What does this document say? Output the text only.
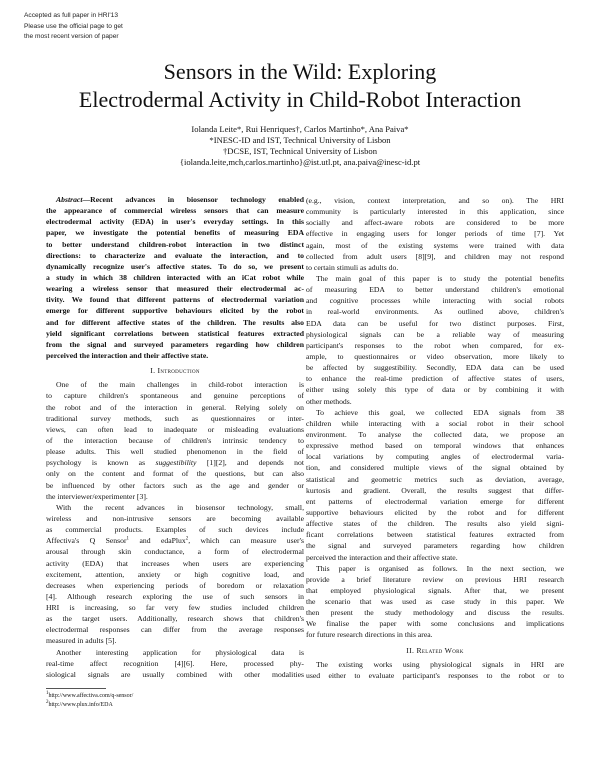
Accepted as full paper in HRI'13
Please use the official page to get
the most recent version of paper
Sensors in the Wild: Exploring
Electrodermal Activity in Child-Robot Interaction
Iolanda Leite*, Rui Henriques†, Carlos Martinho*, Ana Paiva*
*INESC-ID and IST, Technical University of Lisbon
†DCSE, IST, Technical University of Lisbon
{iolanda.leite,mch,carlos.martinho}@ist.utl.pt, ana.paiva@inesc-id.pt
Abstract—Recent advances in biosensor technology enabled
the appearance of commercial wireless sensors that can measure
electrodermal activity (EDA) in user's everyday settings. In this
paper, we investigate the potential benefits of measuring EDA
to better understand children-robot interaction in two distinct
directions: to characterize and evaluate the interaction, and to
dynamically recognize user's affective states. To do so, we present
a study in which 38 children interacted with an iCat robot while
wearing a wireless sensor that measured their electrodermal ac-
tivity. We found that different patterns of electrodermal variation
emerge for different supportive behaviours elicited by the robot
and for different affective states of the children. The results also
yield significant correlations between statistical features extracted
from the signal and surveyed parameters regarding how children
perceived the interaction and their affective state.
I. Introduction
One of the main challenges in child-robot interaction is
to capture children's spontaneous and genuine perceptions of
the robot and of the interaction in general. Relying solely on
traditional survey methods, such as questionnaires or inter-
views, can often lead to inadequate or misleading evaluations
of the interaction because of children's intrinsic tendency to
please adults. This well studied phenomenon in the field of
psychology is known as suggestibility [1][2], and depends not
only on the content and format of the questions, but can also
be influenced by other factors such as the age and gender or
the interviewer/experimenter [3].
With the recent advances in biosensor technology, small,
wireless and non-intrusive sensors are becoming available
as commercial products. Examples of such devices include
Affectiva's Q Sensor$^1$ and edaPlux$^2$, which can measure user's
arousal through skin conductance, a form of electrodermal
activity (EDA) that increases when users are experiencing
excitement, attention, anxiety or high cognitive load, and
decreases when experiencing periods of boredom or relaxation
[4]. Although research exploring the use of such sensors in
HRI is increasing, so far very few studies included children
as the target users. Additionally, research shows that children's
electrodermal responses can differ from the average responses
measured in adults [5].
Another interesting application for physiological data is
real-time affect recognition [4][6]. Here, processed phy-
siological signals are usually combined with other modalities
$^1$http://www.affectiva.com/q-sensor/
$^2$http://www.plux.info/EDA
(e.g., vision, context interpretation, and so on). The HRI
community is particularly interested in this application, since
socially and affect-aware robots are considered to be more
effective in engaging users for longer periods of time [7]. Yet
again, most of the existing systems were trained with data
collected from adult users [8][9], and children may not respond
to certain stimuli as adults do.
The main goal of this paper is to study the potential benefits
of measuring EDA to better understand children's emotional
and cognitive processes while interacting with social robots
in real-world environments. As outlined above, children's
EDA data can be useful for two distinct purposes. First,
physiological signals can be a reliable way of measuring
participant's responses to the robot when compared, for ex-
ample, to questionnaires or video observation, more likely to
be affected by suggestibility. Secondly, EDA data can be used
to enhance the real-time prediction of affective states of users,
either using solely this type of data or by combining it with
other methods.
To achieve this goal, we collected EDA signals from 38
children while interacting with a social robot in their school
environment. To analyse the collected data, we propose an
expressive method based on temporal windows that enhances
local variations by computing angles of electrodermal varia-
tion, and considered multiple views of the signal obtained by
statistical and geometric metrics such as deviation, average,
kurtosis and gradient. Overall, the results suggest that differ-
ent patterns of electrodermal variation emerge for different
supportive behaviours elicited by the robot and for different
affective states of the children. The results also yield signi-
ficant correlations between statistical features extracted from
the signal and surveyed parameters regarding how children
perceived the interaction and their affective state.
This paper is organised as follows. In the next section, we
provide a brief literature review on previous HRI research
that employed physiological signals. After that, we present
the scenario that was used as case study in this paper. We
then present the study methodology and discuss the results.
We finalise the paper with some conclusions and implications
for future research directions in this area.
II. Related Work
The existing works using physiological signals in HRI are
used either to evaluate participant's responses to the robot or to
